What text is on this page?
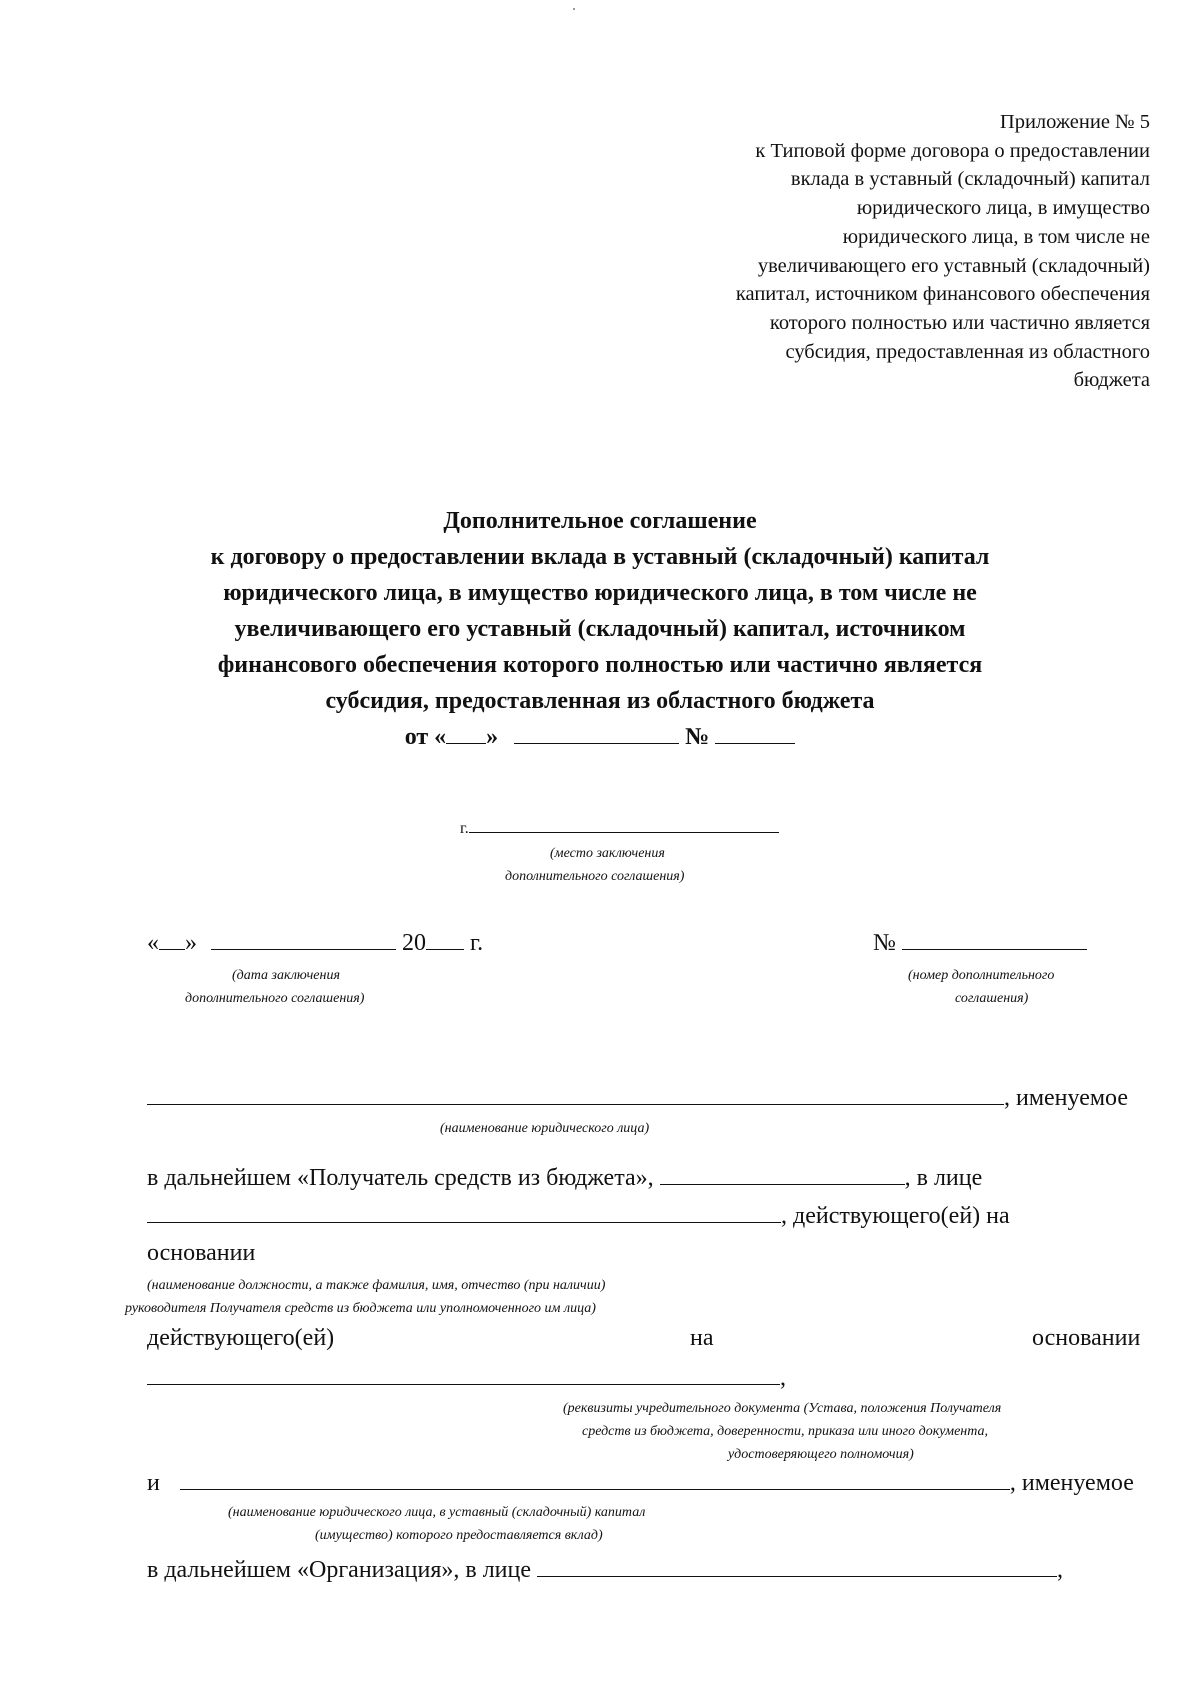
Приложение № 5
к Типовой форме договора о предоставлении
вклада в уставный (складочный) капитал
юридического лица, в имущество
юридического лица, в том числе не
увеличивающего его уставный (складочный)
капитал, источником финансового обеспечения
которого полностью или частично является
субсидия, предоставленная из областного
бюджета
Дополнительное соглашение
к договору о предоставлении вклада в уставный (складочный) капитал
юридического лица, в имущество юридического лица, в том числе не
увеличивающего его уставный (складочный) капитал, источником
финансового обеспечения которого полностью или частично является
субсидия, предоставленная из областного бюджета
от « »	№
г.
(место заключения
дополнительного соглашения)
« »	20 г.	№
(дата заключения
дополнительного соглашения)
(номер дополнительного
соглашения)
, именуемое
(наименование юридического лица)
в дальнейшем «Получатель средств из бюджета»,	, в лице
, действующего(ей) на
основании
(наименование должности, а также фамилия, имя, отчество (при наличии)
руководителя Получателя средств из бюджета или уполномоченного им лица)
действующего(ей)	на	основании
,
(реквизиты учредительного документа (Устава, положения Получателя
средств из бюджета, доверенности, приказа или иного документа,
удостоверяющего полномочия)
и	, именуемое
(наименование юридического лица, в уставный (складочный) капитал
(имущество) которого предоставляется вклад)
в дальнейшем «Организация», в лице	,
